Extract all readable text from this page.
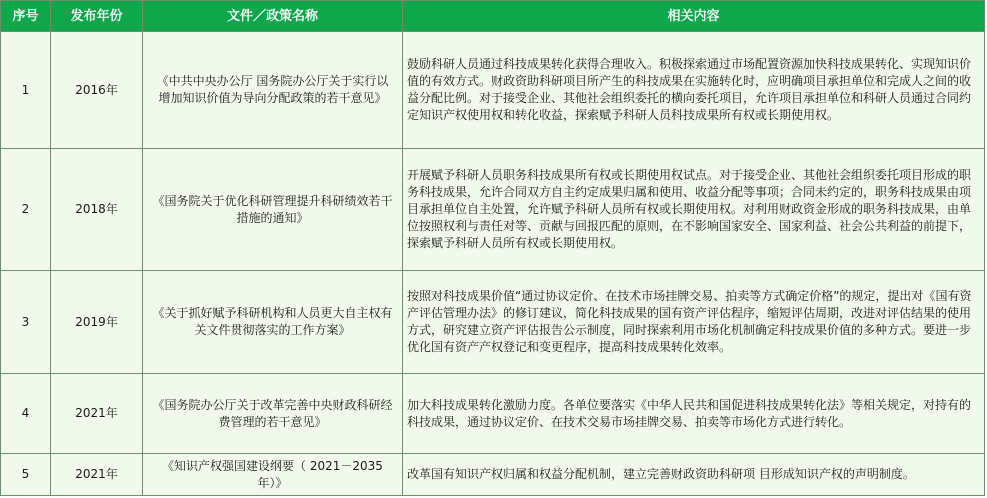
序号	发布年份	文件／政策名称	相关内容
1	2016年	《中共中央办公厅 国务院办公厅关于实行以增加知识价值为导向分配政策的若干意见》	鼓励科研人员通过科技成果转化获得合理收入。积极探索通过市场配置资源加快科技成果转化、实现知识价值的有效方式。财政资助科研项目所产生的科技成果在实施转化时，应明确项目承担单位和完成人之间的收益分配比例。对于接受企业、其他社会组织委托的横向委托项目，允许项目承担单位和科研人员通过合同约定知识产权使用权和转化收益，探索赋予科研人员科技成果所有权或长期使用权。
2	2018年	《国务院关于优化科研管理提升科研绩效若干措施的通知》	开展赋予科研人员职务科技成果所有权或长期使用权试点。对于接受企业、其他社会组织委托项目形成的职务科技成果，允许合同双方自主约定成果归属和使用、收益分配等事项；合同未约定的，职务科技成果由项目承担单位自主处置，允许赋予科研人员所有权或长期使用权。对利用财政资金形成的职务科技成果，由单位按照权利与责任对等、贡献与回报匹配的原则，在不影响国家安全、国家利益、社会公共利益的前提下，探索赋予科研人员所有权或长期使用权。
3	2019年	《关于抓好赋予科研机构和人员更大自主权有关文件贯彻落实的工作方案》	按照对科技成果价值“通过协议定价、在技术市场挂牌交易、拍卖等方式确定价格”的规定，提出对《国有资产评估管理办法》的修订建议，简化科技成果的国有资产评估程序，缩短评估周期，改进对评估结果的使用方式，研究建立资产评估报告公示制度，同时探索利用市场化机制确定科技成果价值的多种方式。要进一步优化国有资产产权登记和变更程序，提高科技成果转化效率。
4	2021年	《国务院办公厅关于改革完善中央财政科研经费管理的若干意见》	加大科技成果转化激励力度。各单位要落实《中华人民共和国促进科技成果转化法》等相关规定，对持有的科技成果，通过协议定价、在技术交易市场挂牌交易、拍卖等市场化方式进行转化。
5	2021年	《知识产权强国建设纲要（ 2021－2035 年）》	改革国有知识产权归属和权益分配机制，建立完善财政资助科研项 目形成知识产权的声明制度。
